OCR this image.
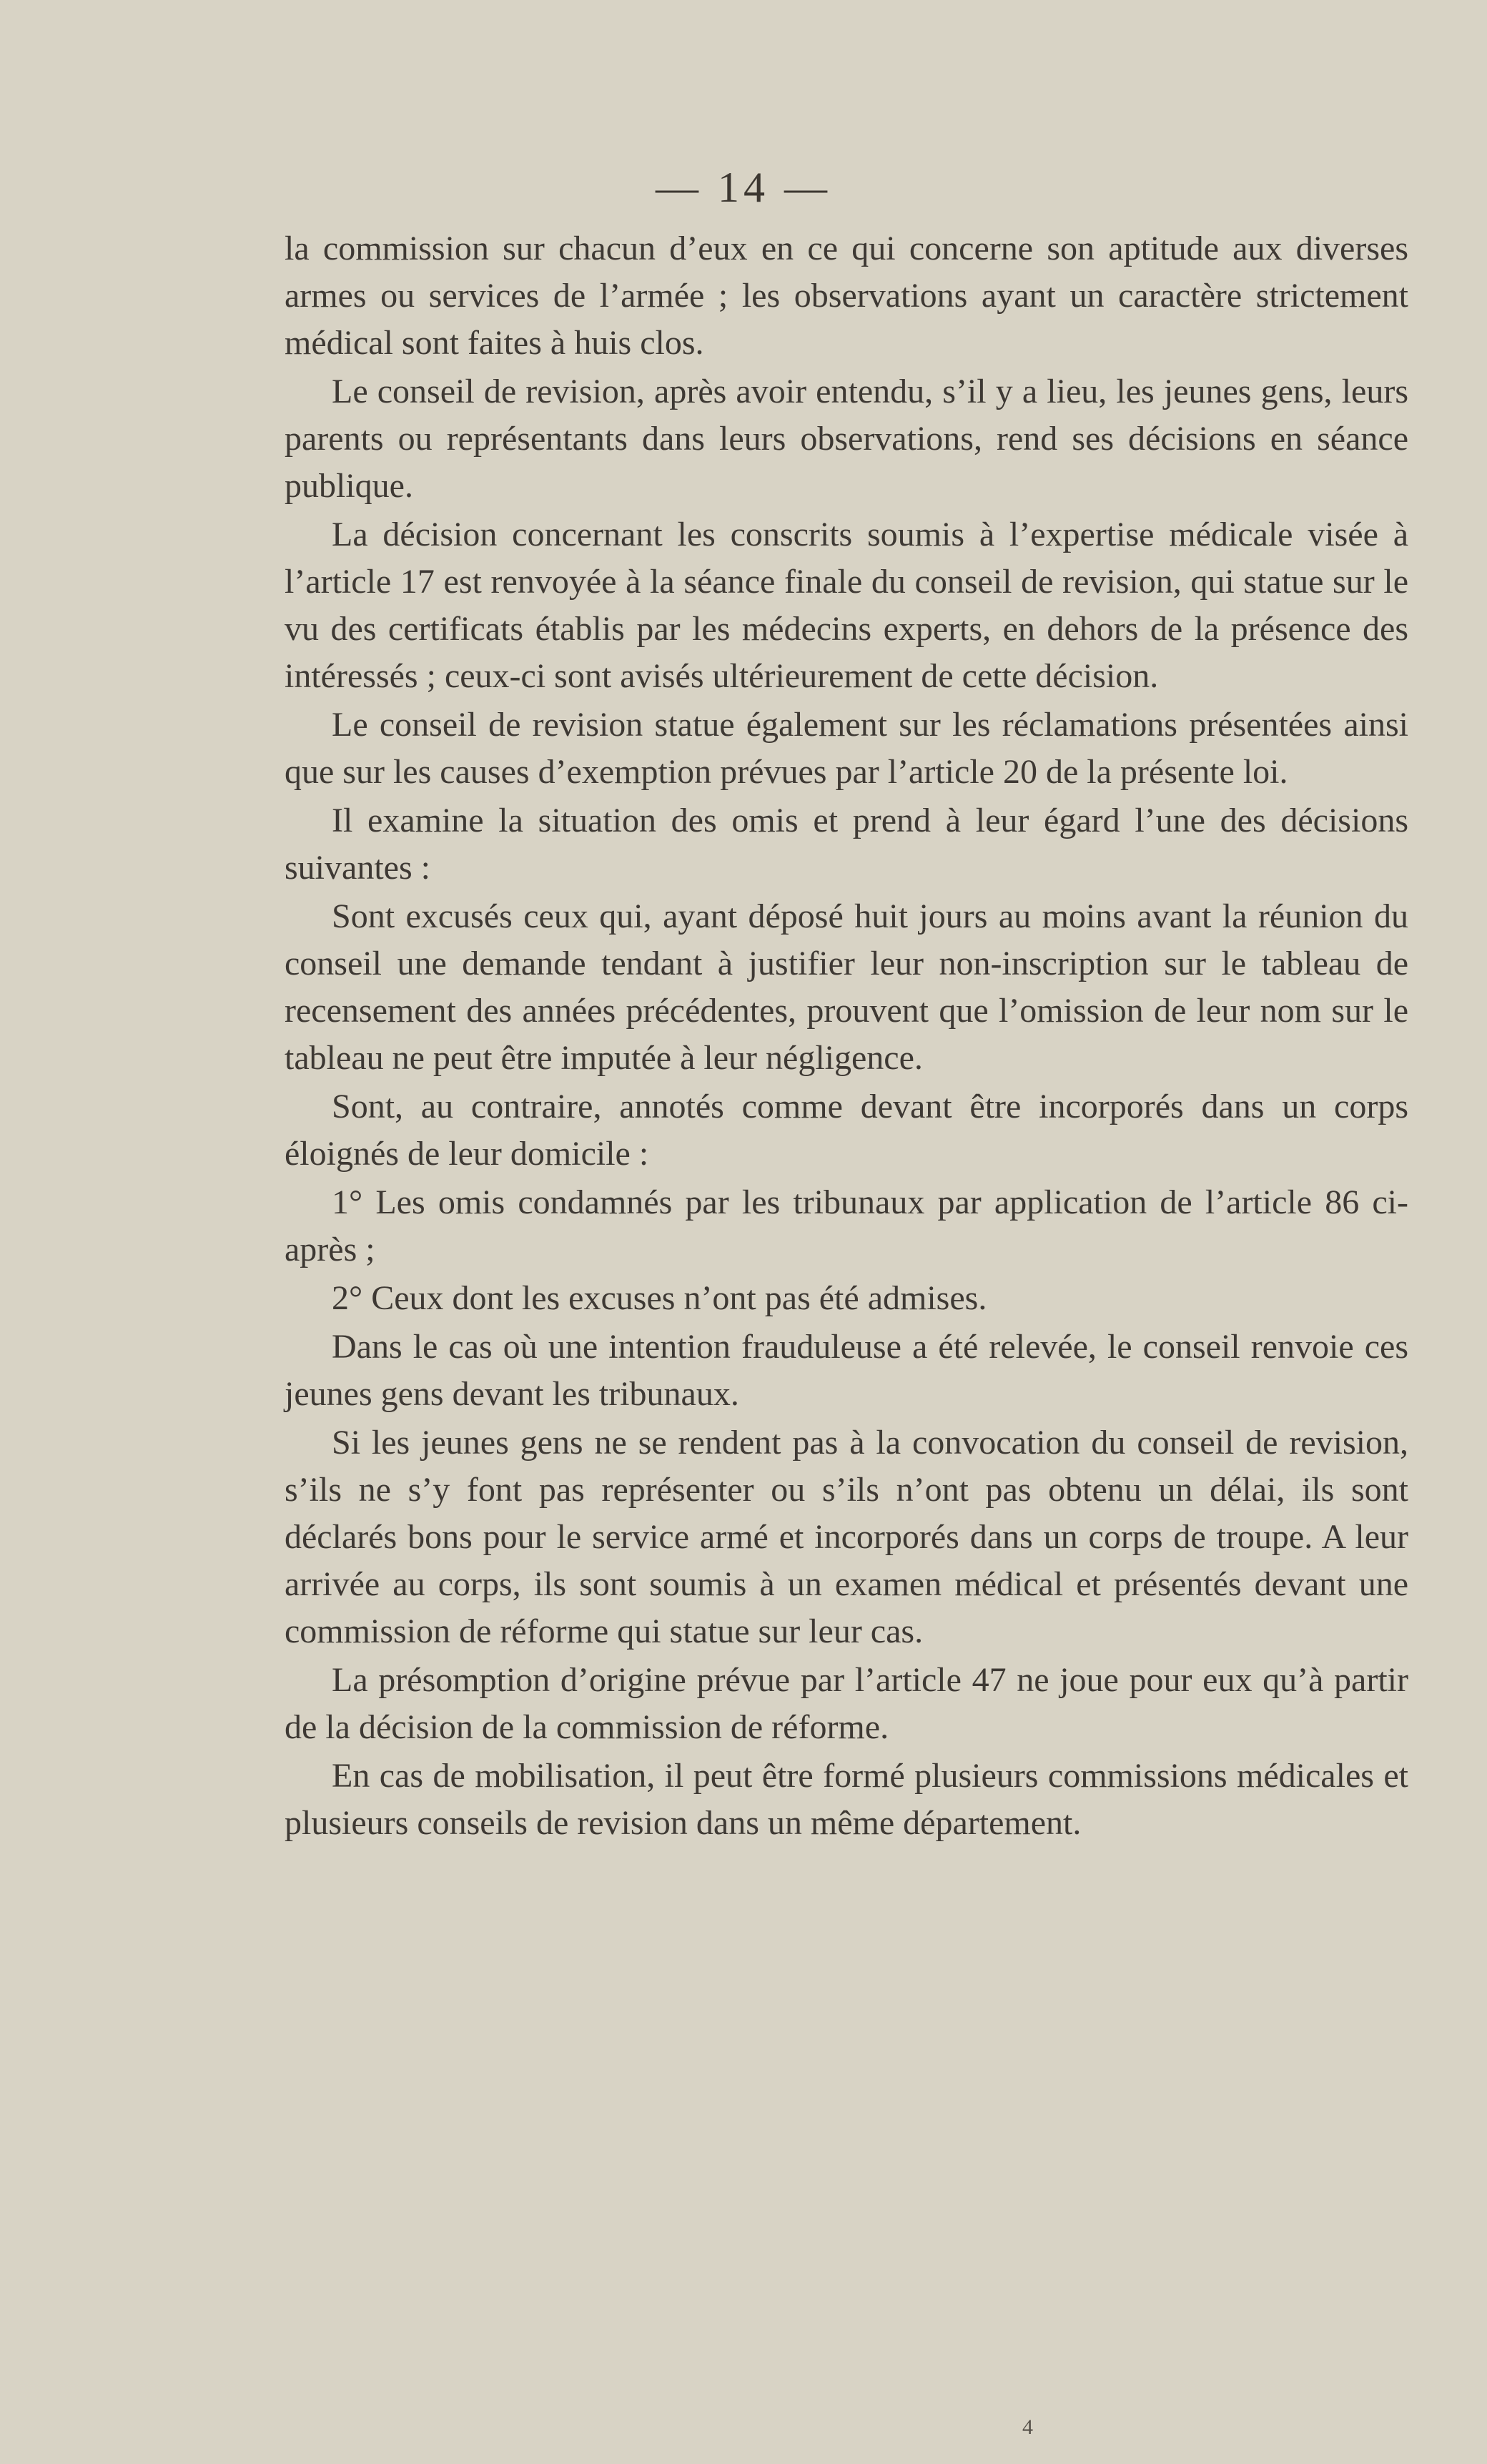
— 14 —

la commission sur chacun d’eux en ce qui concerne son aptitude aux diverses armes ou services de l’armée ; les observations ayant un caractère strictement médical sont faites à huis clos.

Le conseil de revision, après avoir entendu, s’il y a lieu, les jeunes gens, leurs parents ou représentants dans leurs observations, rend ses décisions en séance publique.

La décision concernant les conscrits soumis à l’expertise médicale visée à l’article 17 est renvoyée à la séance finale du conseil de revision, qui statue sur le vu des certificats établis par les médecins experts, en dehors de la présence des intéressés ; ceux-ci sont avisés ultérieurement de cette décision.

Le conseil de revision statue également sur les réclamations présentées ainsi que sur les causes d’exemption prévues par l’article 20 de la présente loi.

Il examine la situation des omis et prend à leur égard l’une des décisions suivantes :

Sont excusés ceux qui, ayant déposé huit jours au moins avant la réunion du conseil une demande tendant à justifier leur non-inscription sur le tableau de recensement des années précédentes, prouvent que l’omission de leur nom sur le tableau ne peut être imputée à leur négligence.

Sont, au contraire, annotés comme devant être incorporés dans un corps éloignés de leur domicile :

1° Les omis condamnés par les tribunaux par application de l’article 86 ci-après ;

2° Ceux dont les excuses n’ont pas été admises.

Dans le cas où une intention frauduleuse a été relevée, le conseil renvoie ces jeunes gens devant les tribunaux.

Si les jeunes gens ne se rendent pas à la convocation du conseil de revision, s’ils ne s’y font pas représenter ou s’ils n’ont pas obtenu un délai, ils sont déclarés bons pour le service armé et incorporés dans un corps de troupe. A leur arrivée au corps, ils sont soumis à un examen médical et présentés devant une commission de réforme qui statue sur leur cas.

La présomption d’origine prévue par l’article 47 ne joue pour eux qu’à partir de la décision de la commission de réforme.

En cas de mobilisation, il peut être formé plusieurs commissions médicales et plusieurs conseils de revision dans un même département.

4
